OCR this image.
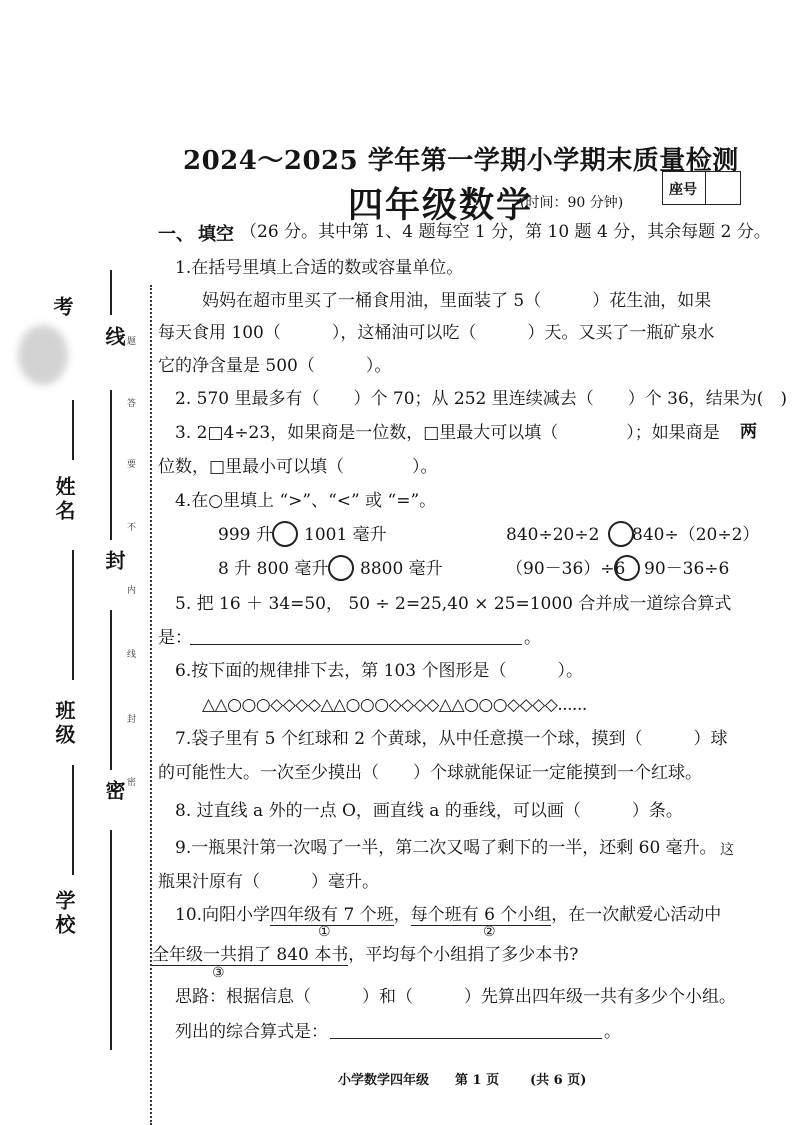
考
姓名
班级
学校
线
封
密
题
答
要
不
内
线
封
密
2024～2025 学年第一学期小学期末质量检测
四年级数学
(时间：90 分钟)
座号
一、 填空 （26 分。其中第 1、4 题每空 1 分，第 10 题 4 分，其余每题 2 分。
1.在括号里填上合适的数或容量单位。
妈妈在超市里买了一桶食用油，里面装了 5（　　　）花生油，如果
每天食用 100（　　　），这桶油可以吃（　　　）天。又买了一瓶矿泉水
它的净含量是 500（　　　）。
2. 570 里最多有（　　）个 70；从 252 里连续减去（　　）个 36，结果为(　)
3. 2□4÷23，如果商是一位数，□里最大可以填（　　　　）；如果商是 两
位数，□里最小可以填（　　　　）。
4.在○里填上 “>”、“<” 或 “=”。
999 升 1001 毫升	840÷20÷2 840÷（20÷2）
8 升 800 毫升 8800 毫升	（90－36）÷6 90－36÷6
5. 把 16 ＋ 34=50， 50 ÷ 2=25,40 × 25=1000 合并成一道综合算式
是：	。
6.按下面的规律排下去，第 103 个图形是（　　　）。
△△○○○◇◇◇◇△△○○○◇◇◇◇△△○○○◇◇◇◇......
7.袋子里有 5 个红球和 2 个黄球，从中任意摸一个球，摸到（　　　）球
的可能性大。一次至少摸出（　　）个球就能保证一定能摸到一个红球。
8. 过直线 a 外的一点 O，画直线 a 的垂线，可以画（　　　）条。
9.一瓶果汁第一次喝了一半，第二次又喝了剩下的一半，还剩 60 毫升。 这
瓶果汁原有（　　　）毫升。
10.向阳小学四年级有 7 个班，每个班有 6 个小组，在一次献爱心活动中
①	②
全年级一共捐了 840 本书，平均每个小组捐了多少本书?
③
思路：根据信息（　　　）和（　　　）先算出四年级一共有多少个小组。
列出的综合算式是：	。
小学数学四年级 第 1 页 (共 6 页)
